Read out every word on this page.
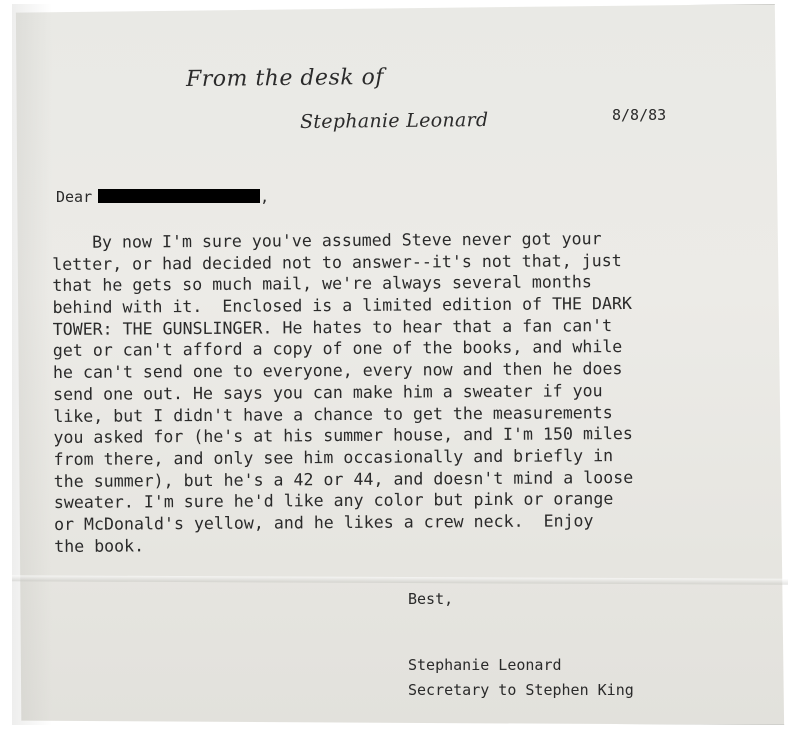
From the desk of
Stephanie Leonard	8/8/83
Dear	,
By now I'm sure you've assumed Steve never got your
letter, or had decided not to answer--it's not that, just
that he gets so much mail, we're always several months
behind with it.  Enclosed is a limited edition of THE DARK
TOWER: THE GUNSLINGER. He hates to hear that a fan can't
get or can't afford a copy of one of the books, and while
he can't send one to everyone, every now and then he does
send one out. He says you can make him a sweater if you
like, but I didn't have a chance to get the measurements
you asked for (he's at his summer house, and I'm 150 miles
from there, and only see him occasionally and briefly in
the summer), but he's a 42 or 44, and doesn't mind a loose
sweater. I'm sure he'd like any color but pink or orange
or McDonald's yellow, and he likes a crew neck.  Enjoy
the book.
Best,
Stephanie Leonard
Secretary to Stephen King
